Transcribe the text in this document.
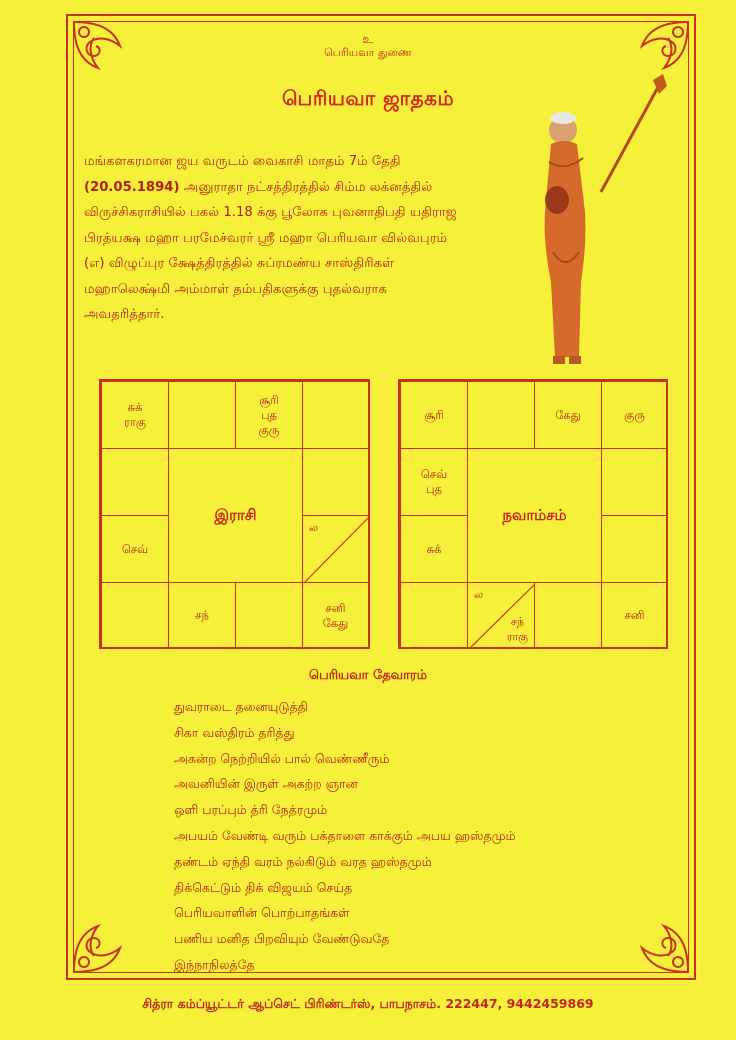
உ
பெரியவா துணை
பெரியவா ஜாதகம்
மங்களகரமான ஜய வருடம் வைகாசி மாதம் 7ம் தேதி
(20.05.1894) அனுராதா நட்சத்திரத்தில் சிம்ம லக்னத்தில்
விருச்சிகராசியில் பகல் 1.18 க்கு பூலோக புவனாதிபதி யதிராஜ
பிரத்யக்ஷ மஹா பரமேச்வரர் ஸ்ரீ மஹா பெரியவா வில்வபுரம்
(எ) விழுப்புர க்ஷேத்திரத்தில் சுப்ரமண்ய சாஸ்திரிகள்
மஹாலெக்ஷ்மி அம்மாள் தம்பதிகளுக்கு புதல்வராக
அவதரித்தார்.
சுக்
ராகு
சூரி
புத
குரு
செவ்
ல
சந்
சனி
கேது
இராசி
சூரி	கேது	குரு
செவ்
புத
சுக்
ல
சந்
ராகு
சனி
நவாம்சம்
பெரியவா தேவாரம்
துவராடை தனையுடுத்தி
சிகா வஸ்திரம் தரித்து
அகன்ற நெற்றியில் பால் வெண்ணீரும்
அவனியின் இருள் அகற்ற ஞான
ஒளி பரப்பும் த்ரி நேத்ரமும்
அபயம் வேண்டி வரும் பக்தாளை காக்கும் அபய ஹஸ்தமும்
தண்டம் ஏந்தி வரம் நல்கிடும் வரத ஹஸ்தமும்
திக்கெட்டும் திக் விஜயம் செய்த
பெரியவாளின் பொற்பாதங்கள்
பணிய மனித பிறவியும் வேண்டுவதே
இந்நாநிலத்தே
சித்ரா கம்ப்யூட்டர் ஆப்செட் பிரிண்டர்ஸ், பாபநாசம். 222447, 9442459869
